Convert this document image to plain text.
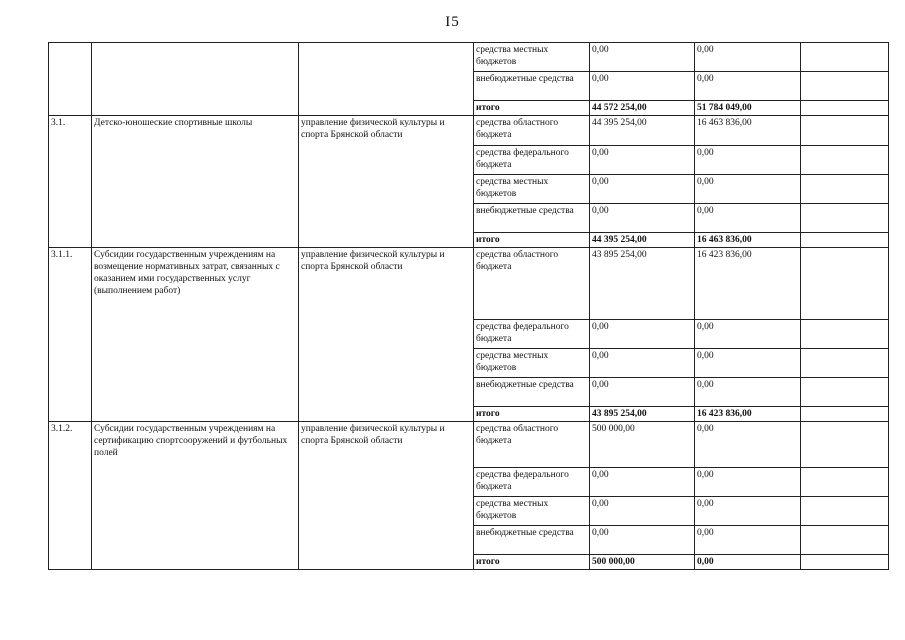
I5
			средства местных бюджетов	0,00	0,00	
			внебюджетные средства	0,00	0,00	
			итого	44 572 254,00	51 784 049,00	
3.1.	Детско-юношеские спортивные школы	управление физической культуры и спорта Брянской области	средства областного бюджета	44 395 254,00	16 463 836,00	
			средства федерального бюджета	0,00	0,00	
			средства местных бюджетов	0,00	0,00	
			внебюджетные средства	0,00	0,00	
			итого	44 395 254,00	16 463 836,00	
3.1.1.	Субсидии государственным учреждениям на возмещение нормативных затрат, связанных с оказанием ими государственных услуг (выполнением работ)	управление физической культуры и спорта Брянской области	средства областного бюджета	43 895 254,00	16 423 836,00	
			средства федерального бюджета	0,00	0,00	
			средства местных бюджетов	0,00	0,00	
			внебюджетные средства	0,00	0,00	
			итого	43 895 254,00	16 423 836,00	
3.1.2.	Субсидии государственным учреждениям на сертификацию спортсооружений и футбольных полей	управление физической культуры и спорта Брянской области	средства областного бюджета	500 000,00	0,00	
			средства федерального бюджета	0,00	0,00	
			средства местных бюджетов	0,00	0,00	
			внебюджетные средства	0,00	0,00	
			итого	500 000,00	0,00	
